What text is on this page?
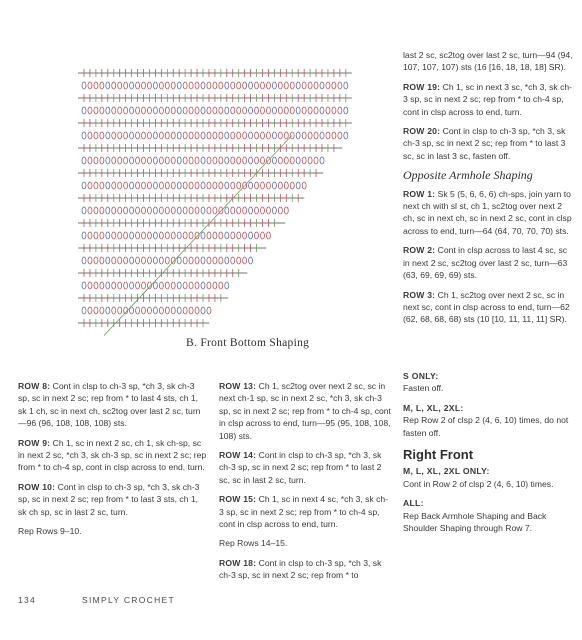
B. Front Bottom Shaping

ROW 8: Cont in clsp to ch-3 sp, *ch 3, sk ch-3 sp, sc in next 2 sc; rep from * to last 4 sts, ch 1, sk 1 ch, sc in next ch, sc2tog over last 2 sc, turn—96 (96, 108, 108, 108) sts.

ROW 9: Ch 1, sc in next 2 sc, ch 1, sk ch-sp, sc in next 2 sc, *ch 3, sk ch-3 sp, sc in next 2 sc; rep from * to ch-4 sp, cont in clsp across to end, turn.

ROW 10: Cont in clsp to ch-3 sp, *ch 3, sk ch-3 sp, sc in next 2 sc; rep from * to last 3 sts, ch 1, sk ch sp, sc in last 2 sc, turn.

Rep Rows 9–10.

ROW 13: Ch 1, sc2tog over next 2 sc, sc in next ch-1 sp, sc in next 2 sc, *ch 3, sk ch-3 sp, sc in next 2 sc; rep from * to ch-4 sp, cont in clsp across to end, turn—95 (95, 108, 108, 108) sts.

ROW 14: Cont in clsp to ch-3 sp, *ch 3, sk ch-3 sp, sc in next 2 sc; rep from * to last 2 sc, sc in last 2 sc, turn.

ROW 15: Ch 1, sc in next 4 sc, *ch 3, sk ch-3 sp, sc in next 2 sc; rep from * to ch-4 sp, cont in clsp across to end, turn.

Rep Rows 14–15.

ROW 18: Cont in clsp to ch-3 sp, *ch 3, sk ch-3 sp, sc in next 2 sc; rep from * to

last 2 sc, sc2tog over last 2 sc, turn—94 (94, 107, 107, 107) sts (16 [16, 18, 18, 18] SR).

ROW 19: Ch 1, sc in next 3 sc, *ch 3, sk ch-3 sp, sc in next 2 sc; rep from * to ch-4 sp, cont in clsp across to end, turn.

ROW 20: Cont in clsp to ch-3 sp, *ch 3, sk ch-3 sp, sc in next 2 sc; rep from * to last 3 sc, sc in last 3 sc, fasten off.

Opposite Armhole Shaping

ROW 1: Sk 5 (5, 6, 6, 6) ch-sps, join yarn to next ch with sl st, ch 1, sc2tog over next 2 ch, sc in next ch, sc in next 2 sc, cont in clsp across to end, turn—64 (64, 70, 70, 70) sts.

ROW 2: Cont in clsp across to last 4 sc, sc in next 2 sc, sc2tog over last 2 sc, turn—63 (63, 69, 69, 69) sts.

ROW 3: Ch 1, sc2tog over next 2 sc, sc in next sc, cont in clsp across to end, turn—62 (62, 68, 68, 68) sts (10 [10, 11, 11, 11] SR).

S ONLY:

Fasten off.

M, L, XL, 2XL:

Rep Row 2 of clsp 2 (4, 6, 10) times, do not fasten off.

Right Front
M, L, XL, 2XL ONLY:

Cont in Row 2 of clsp 2 (4, 6, 10) times.

ALL:

Rep Back Armhole Shaping and Back Shoulder Shaping through Row 7.

134	SIMPLY CROCHET
